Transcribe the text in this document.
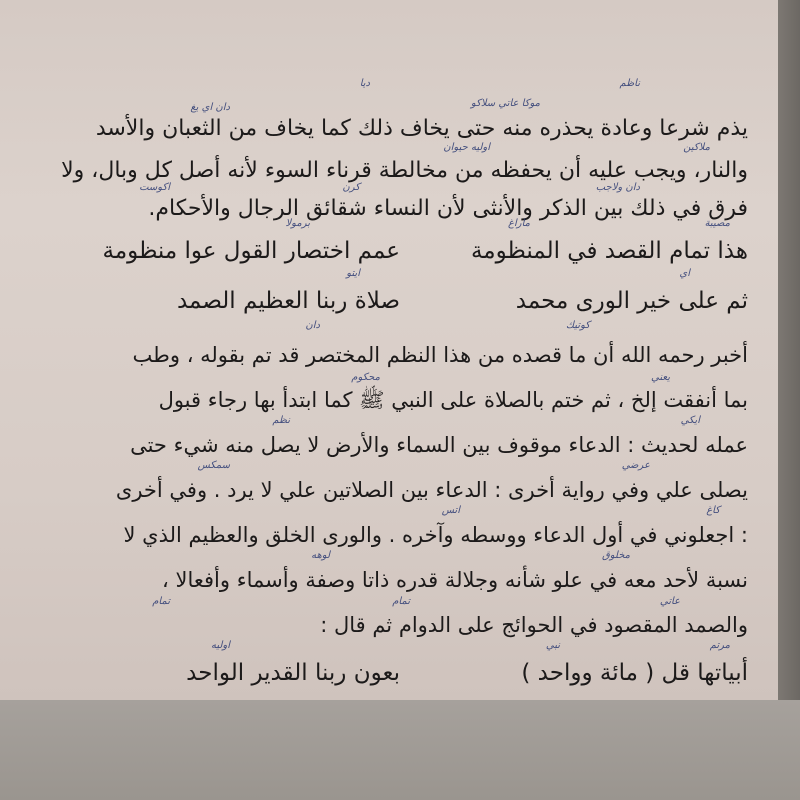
يذم شرعا وعادة يحذره منه حتى يخاف ذلك كما يخاف من الثعبان والأسد
والنار، ويجب عليه أن يحفظه من مخالطة قرناء السوء لأنه أصل كل وبال، ولا
فرق في ذلك بين الذكر والأنثى لأن النساء شقائق الرجال والأحكام.
هذا تمام القصد في المنظومة
عمم اختصار القول عوا منظومة
ثم على خير الورى محمد
صلاة ربنا العظيم الصمد
أخبر رحمه الله أن ما قصده من هذا النظم المختصر قد تم بقوله ، وطب
بما أنفقت إلخ ، ثم ختم بالصلاة على النبي ﷺ كما ابتدأ بها رجاء قبول
عمله لحديث : الدعاء موقوف بين السماء والأرض لا يصل منه شيء حتى
يصلى علي وفي رواية أخرى : الدعاء بين الصلاتين علي لا يرد . وفي أخرى
: اجعلوني في أول الدعاء ووسطه وآخره . والورى الخلق والعظيم الذي لا
نسبة لأحد معه في علو شأنه وجلالة قدره ذاتا وصفة وأسماء وأفعالا ،
والصمد المقصود في الحوائج على الدوام ثم قال :
أبياتها قل ( مائة وواحد )
بعون ربنا القدير الواحد
موكا عاتي سلاكو
دان اي يغ
ملاكين
اوليه حيوان
دان ولاجب
كرن
اكوست
مصيبة
ماراغ
برمولا
اي
ايتو
كوتيك
دان
يعني
محكوم
ايكي
نظم
عرضي
سمكس
كاغ
اتس
مخلوق
لوهه
عاتي
تمام
نبي
اوليه
ديا	ناظم
مرتم
تمام
